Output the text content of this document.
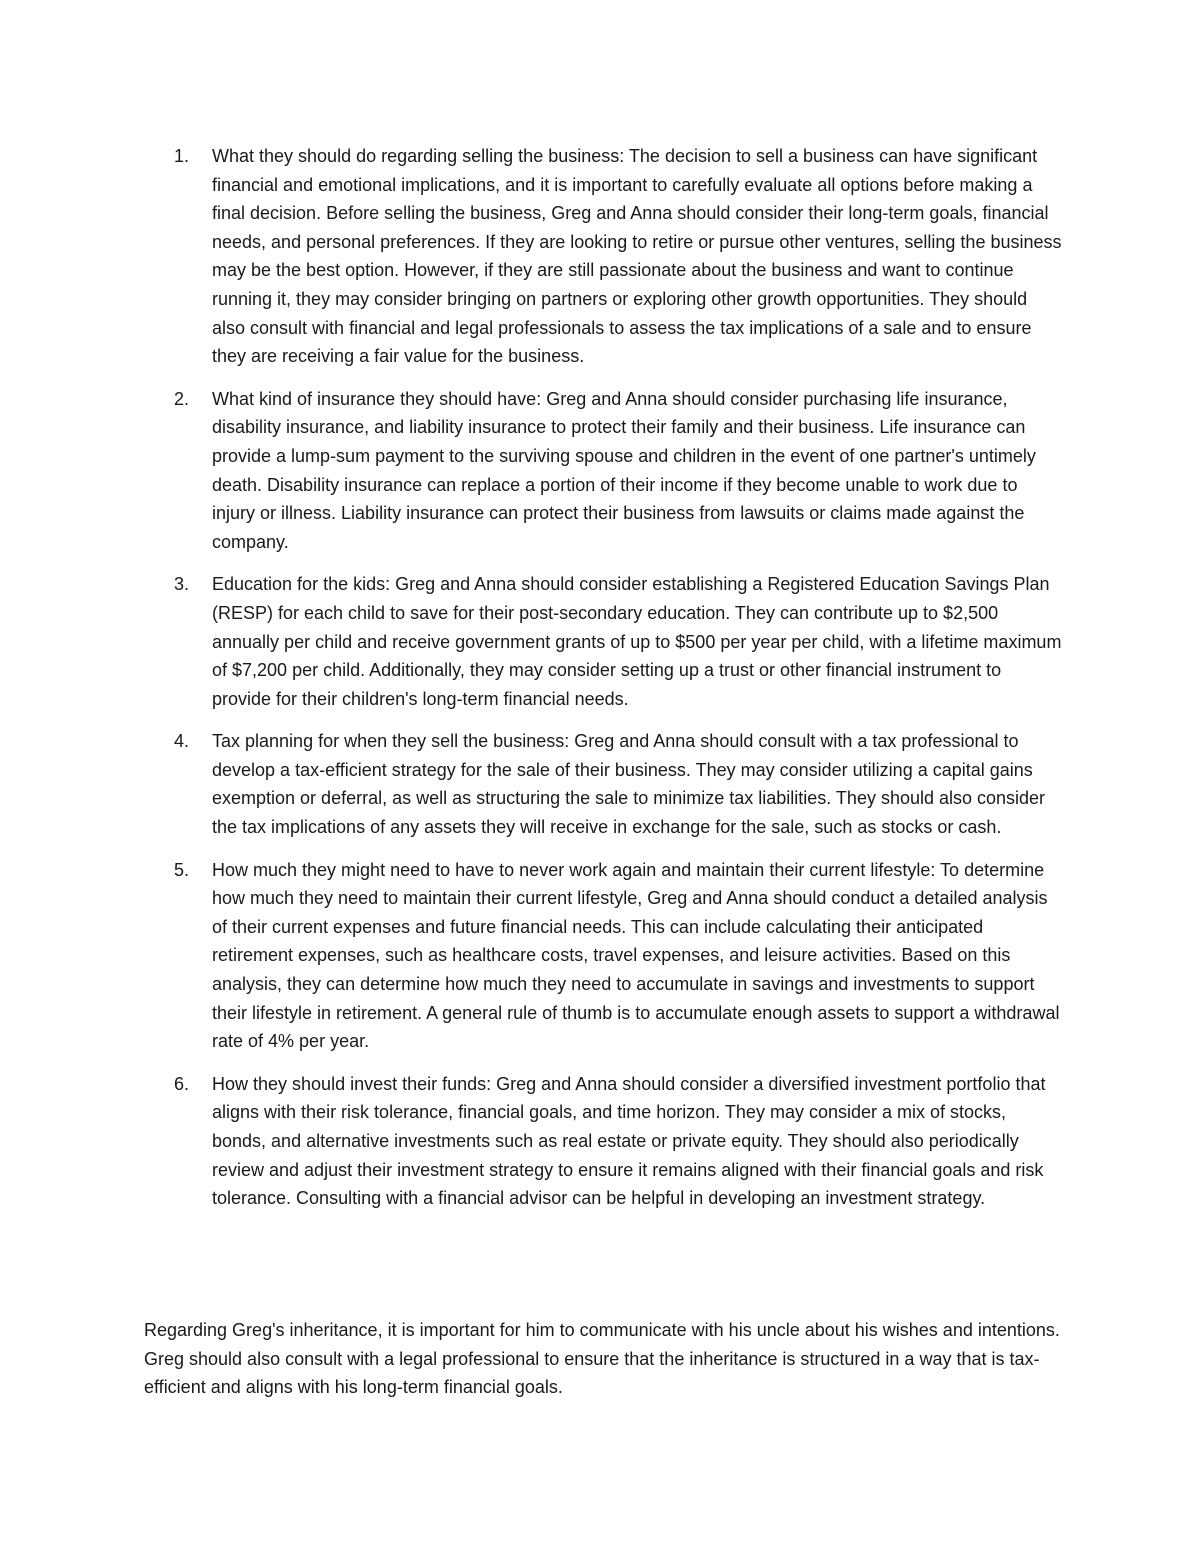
1. What they should do regarding selling the business: The decision to sell a business can have significant financial and emotional implications, and it is important to carefully evaluate all options before making a final decision. Before selling the business, Greg and Anna should consider their long-term goals, financial needs, and personal preferences. If they are looking to retire or pursue other ventures, selling the business may be the best option. However, if they are still passionate about the business and want to continue running it, they may consider bringing on partners or exploring other growth opportunities. They should also consult with financial and legal professionals to assess the tax implications of a sale and to ensure they are receiving a fair value for the business.
2. What kind of insurance they should have: Greg and Anna should consider purchasing life insurance, disability insurance, and liability insurance to protect their family and their business. Life insurance can provide a lump-sum payment to the surviving spouse and children in the event of one partner's untimely death. Disability insurance can replace a portion of their income if they become unable to work due to injury or illness. Liability insurance can protect their business from lawsuits or claims made against the company.
3. Education for the kids: Greg and Anna should consider establishing a Registered Education Savings Plan (RESP) for each child to save for their post-secondary education. They can contribute up to $2,500 annually per child and receive government grants of up to $500 per year per child, with a lifetime maximum of $7,200 per child. Additionally, they may consider setting up a trust or other financial instrument to provide for their children's long-term financial needs.
4. Tax planning for when they sell the business: Greg and Anna should consult with a tax professional to develop a tax-efficient strategy for the sale of their business. They may consider utilizing a capital gains exemption or deferral, as well as structuring the sale to minimize tax liabilities. They should also consider the tax implications of any assets they will receive in exchange for the sale, such as stocks or cash.
5. How much they might need to have to never work again and maintain their current lifestyle: To determine how much they need to maintain their current lifestyle, Greg and Anna should conduct a detailed analysis of their current expenses and future financial needs. This can include calculating their anticipated retirement expenses, such as healthcare costs, travel expenses, and leisure activities. Based on this analysis, they can determine how much they need to accumulate in savings and investments to support their lifestyle in retirement. A general rule of thumb is to accumulate enough assets to support a withdrawal rate of 4% per year.
6. How they should invest their funds: Greg and Anna should consider a diversified investment portfolio that aligns with their risk tolerance, financial goals, and time horizon. They may consider a mix of stocks, bonds, and alternative investments such as real estate or private equity. They should also periodically review and adjust their investment strategy to ensure it remains aligned with their financial goals and risk tolerance. Consulting with a financial advisor can be helpful in developing an investment strategy.

Regarding Greg's inheritance, it is important for him to communicate with his uncle about his wishes and intentions. Greg should also consult with a legal professional to ensure that the inheritance is structured in a way that is tax-efficient and aligns with his long-term financial goals.
